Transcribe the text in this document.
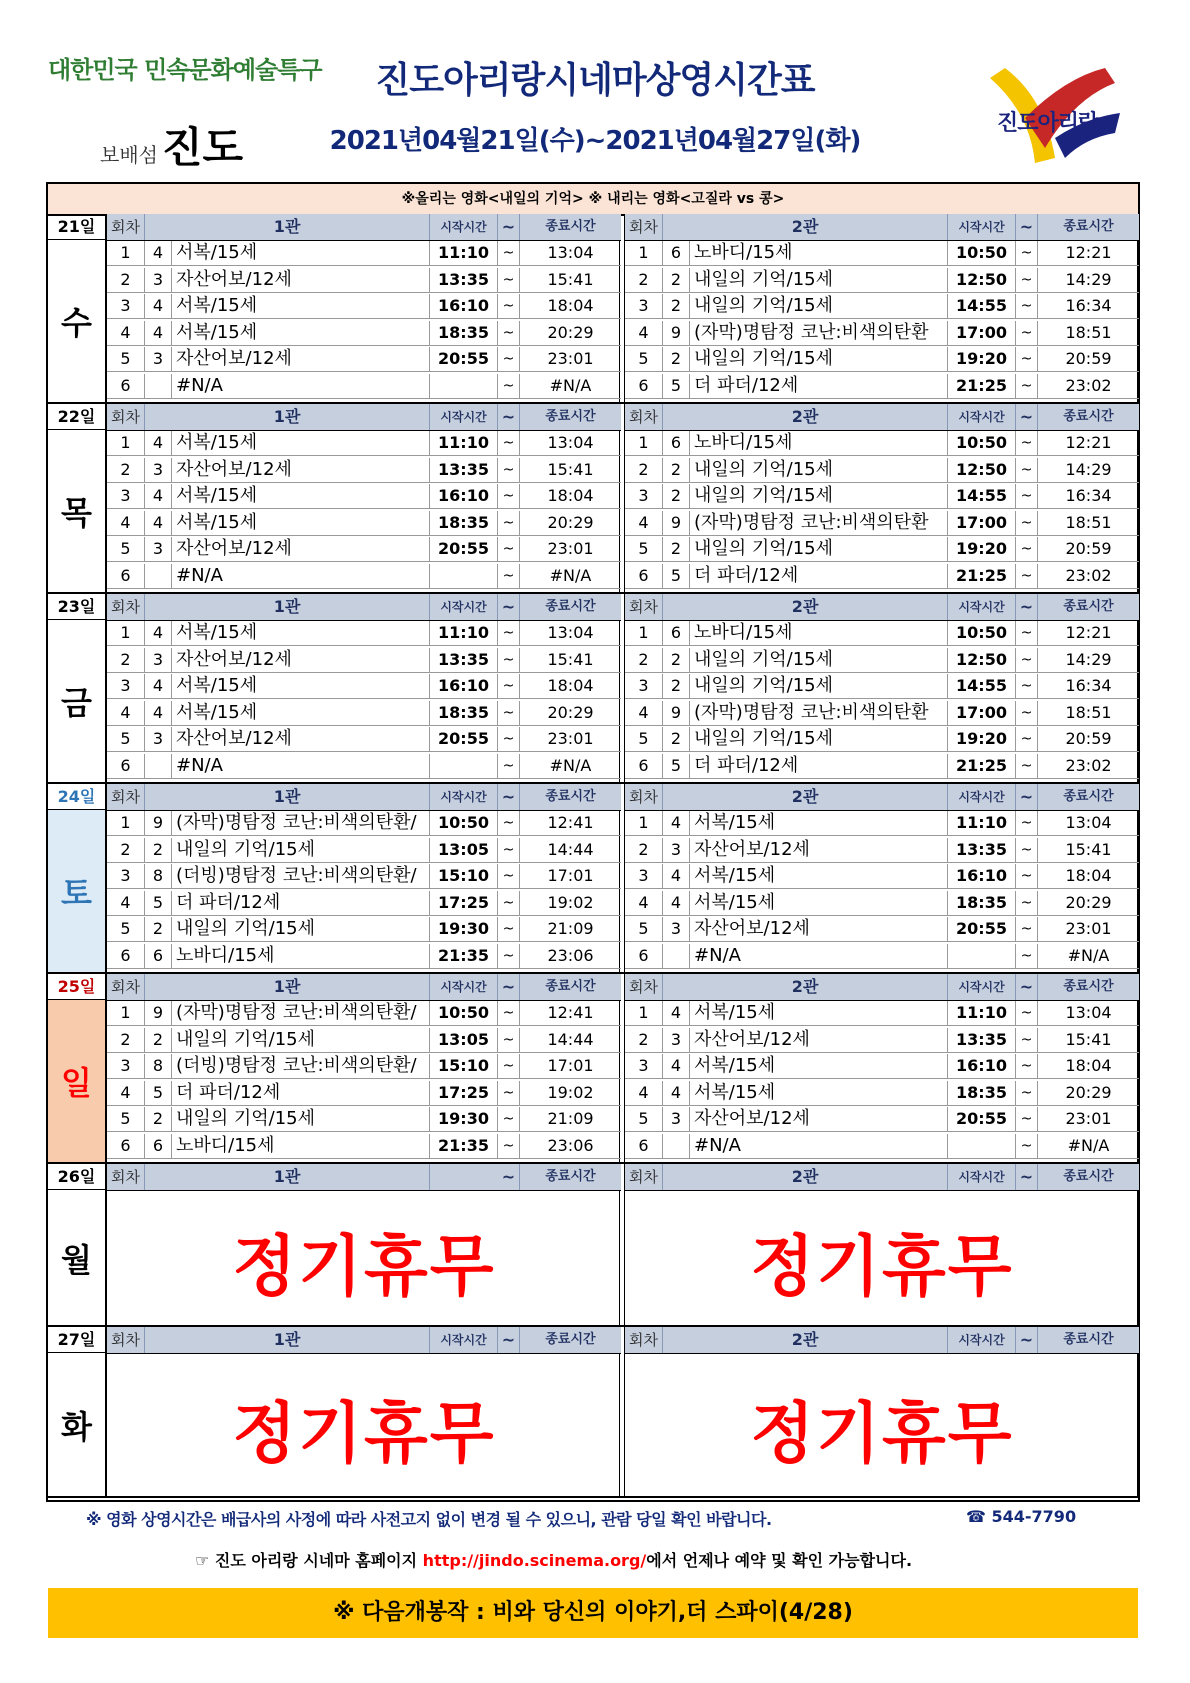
대한민국 민속문화예술특구
보배섬진도
진도아리랑시네마상영시간표
2021년04월21일(수)~2021년04월27일(화)
진도아리랑
※올리는 영화<내일의 기억> ※ 내리는 영화<고질라 vs 콩>
21일
수
회차	1관	시작시간 ~	종료시간
1	4 서복/15세	11:10 ~	13:04
2	3 자산어보/12세	13:35 ~	15:41
3	4 서복/15세	16:10 ~	18:04
4	4 서복/15세	18:35 ~	20:29
5	3 자산어보/12세	20:55 ~	23:01
6	#N/A	~	#N/A
회차	2관	시작시간 ~	종료시간
1	6 노바디/15세	10:50 ~	12:21
2	2 내일의 기억/15세	12:50 ~	14:29
3	2 내일의 기억/15세	14:55 ~	16:34
4	9 (자막)명탐정 코난:비색의탄환	17:00 ~	18:51
5	2 내일의 기억/15세	19:20 ~	20:59
6	5 더 파더/12세	21:25 ~	23:02
22일
목
회차	1관	시작시간 ~	종료시간
1	4 서복/15세	11:10 ~	13:04
2	3 자산어보/12세	13:35 ~	15:41
3	4 서복/15세	16:10 ~	18:04
4	4 서복/15세	18:35 ~	20:29
5	3 자산어보/12세	20:55 ~	23:01
6	#N/A	~	#N/A
회차	2관	시작시간 ~	종료시간
1	6 노바디/15세	10:50 ~	12:21
2	2 내일의 기억/15세	12:50 ~	14:29
3	2 내일의 기억/15세	14:55 ~	16:34
4	9 (자막)명탐정 코난:비색의탄환	17:00 ~	18:51
5	2 내일의 기억/15세	19:20 ~	20:59
6	5 더 파더/12세	21:25 ~	23:02
23일
금
회차	1관	시작시간 ~	종료시간
1	4 서복/15세	11:10 ~	13:04
2	3 자산어보/12세	13:35 ~	15:41
3	4 서복/15세	16:10 ~	18:04
4	4 서복/15세	18:35 ~	20:29
5	3 자산어보/12세	20:55 ~	23:01
6	#N/A	~	#N/A
회차	2관	시작시간 ~	종료시간
1	6 노바디/15세	10:50 ~	12:21
2	2 내일의 기억/15세	12:50 ~	14:29
3	2 내일의 기억/15세	14:55 ~	16:34
4	9 (자막)명탐정 코난:비색의탄환	17:00 ~	18:51
5	2 내일의 기억/15세	19:20 ~	20:59
6	5 더 파더/12세	21:25 ~	23:02
24일
토
회차	1관	시작시간 ~	종료시간
1	9 (자막)명탐정 코난:비색의탄환/	10:50 ~	12:41
2	2 내일의 기억/15세	13:05 ~	14:44
3	8 (더빙)명탐정 코난:비색의탄환/	15:10 ~	17:01
4	5 더 파더/12세	17:25 ~	19:02
5	2 내일의 기억/15세	19:30 ~	21:09
6	6 노바디/15세	21:35 ~	23:06
회차	2관	시작시간 ~	종료시간
1	4 서복/15세	11:10 ~	13:04
2	3 자산어보/12세	13:35 ~	15:41
3	4 서복/15세	16:10 ~	18:04
4	4 서복/15세	18:35 ~	20:29
5	3 자산어보/12세	20:55 ~	23:01
6	#N/A	~	#N/A
25일
일
회차	1관	시작시간 ~	종료시간
1	9 (자막)명탐정 코난:비색의탄환/	10:50 ~	12:41
2	2 내일의 기억/15세	13:05 ~	14:44
3	8 (더빙)명탐정 코난:비색의탄환/	15:10 ~	17:01
4	5 더 파더/12세	17:25 ~	19:02
5	2 내일의 기억/15세	19:30 ~	21:09
6	6 노바디/15세	21:35 ~	23:06
회차	2관	시작시간 ~	종료시간
1	4 서복/15세	11:10 ~	13:04
2	3 자산어보/12세	13:35 ~	15:41
3	4 서복/15세	16:10 ~	18:04
4	4 서복/15세	18:35 ~	20:29
5	3 자산어보/12세	20:55 ~	23:01
6	#N/A	~	#N/A
26일
월
회차	1관	~	종료시간
정기휴무
회차	2관	시작시간 ~	종료시간
정기휴무
27일
화
회차	1관	시작시간 ~	종료시간
정기휴무
회차	2관	시작시간 ~	종료시간
정기휴무
※ 영화 상영시간은 배급사의 사정에 따라 사전고지 없이 변경 될 수 있으니, 관람 당일 확인 바랍니다.	☎ 544-7790
☞ 진도 아리랑 시네마 홈페이지 http://jindo.scinema.org/에서 언제나 예약 및 확인 가능합니다.
※ 다음개봉작 : 비와 당신의 이야기,더 스파이(4/28)
